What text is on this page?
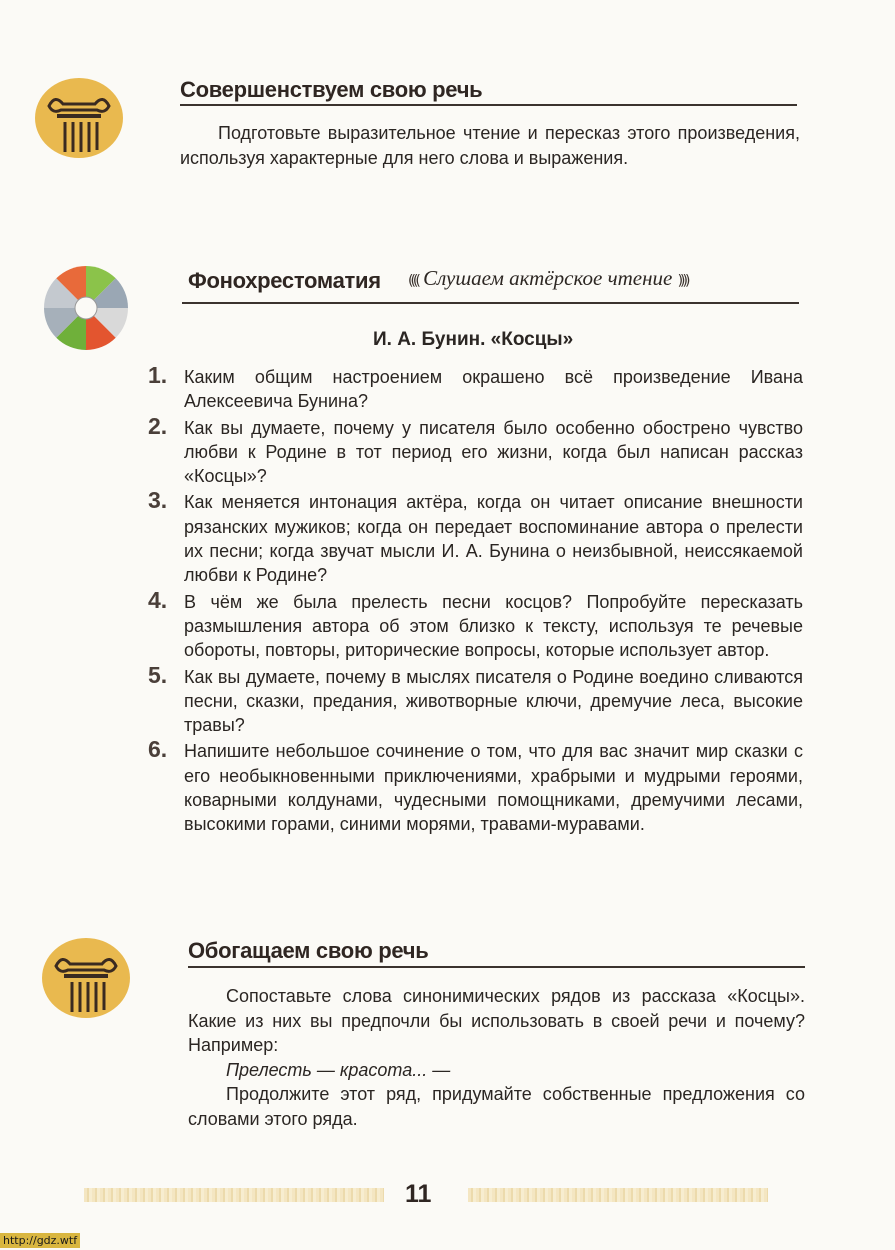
Совершенствуем свою речь

Подготовьте выразительное чтение и пересказ этого произведения, используя характерные для него слова и выражения.

Фонохрестоматия (((( Слушаем актёрское чтение ))))
И. А. Бунин. «Косцы»
1. Каким общим настроением окрашено всё произведение Ивана Алексеевича Бунина?
2. Как вы думаете, почему у писателя было особенно обострено чувство любви к Родине в тот период его жизни, когда был написан рассказ «Косцы»?
3. Как меняется интонация актёра, когда он читает описание внешности рязанских мужиков; когда он передает воспоминание автора о прелести их песни; когда звучат мысли И. А. Бунина о неизбывной, неиссякаемой любви к Родине?
4. В чём же была прелесть песни косцов? Попробуйте пересказать размышления автора об этом близко к тексту, используя те речевые обороты, повторы, риторические вопросы, которые использует автор.
5. Как вы думаете, почему в мыслях писателя о Родине воедино сливаются песни, сказки, предания, животворные ключи, дремучие леса, высокие травы?
6. Напишите небольшое сочинение о том, что для вас значит мир сказки с его необыкновенными приключениями, храбрыми и мудрыми героями, коварными колдунами, чудесными помощниками, дремучими лесами, высокими горами, синими морями, травами-муравами.
Обогащаем свою речь

Сопоставьте слова синонимических рядов из рассказа «Косцы». Какие из них вы предпочли бы использовать в своей речи и почему? Например:

Прелесть — красота... —

Продолжите этот ряд, придумайте собственные предложения со словами этого ряда.

11
http://gdz.wtf
